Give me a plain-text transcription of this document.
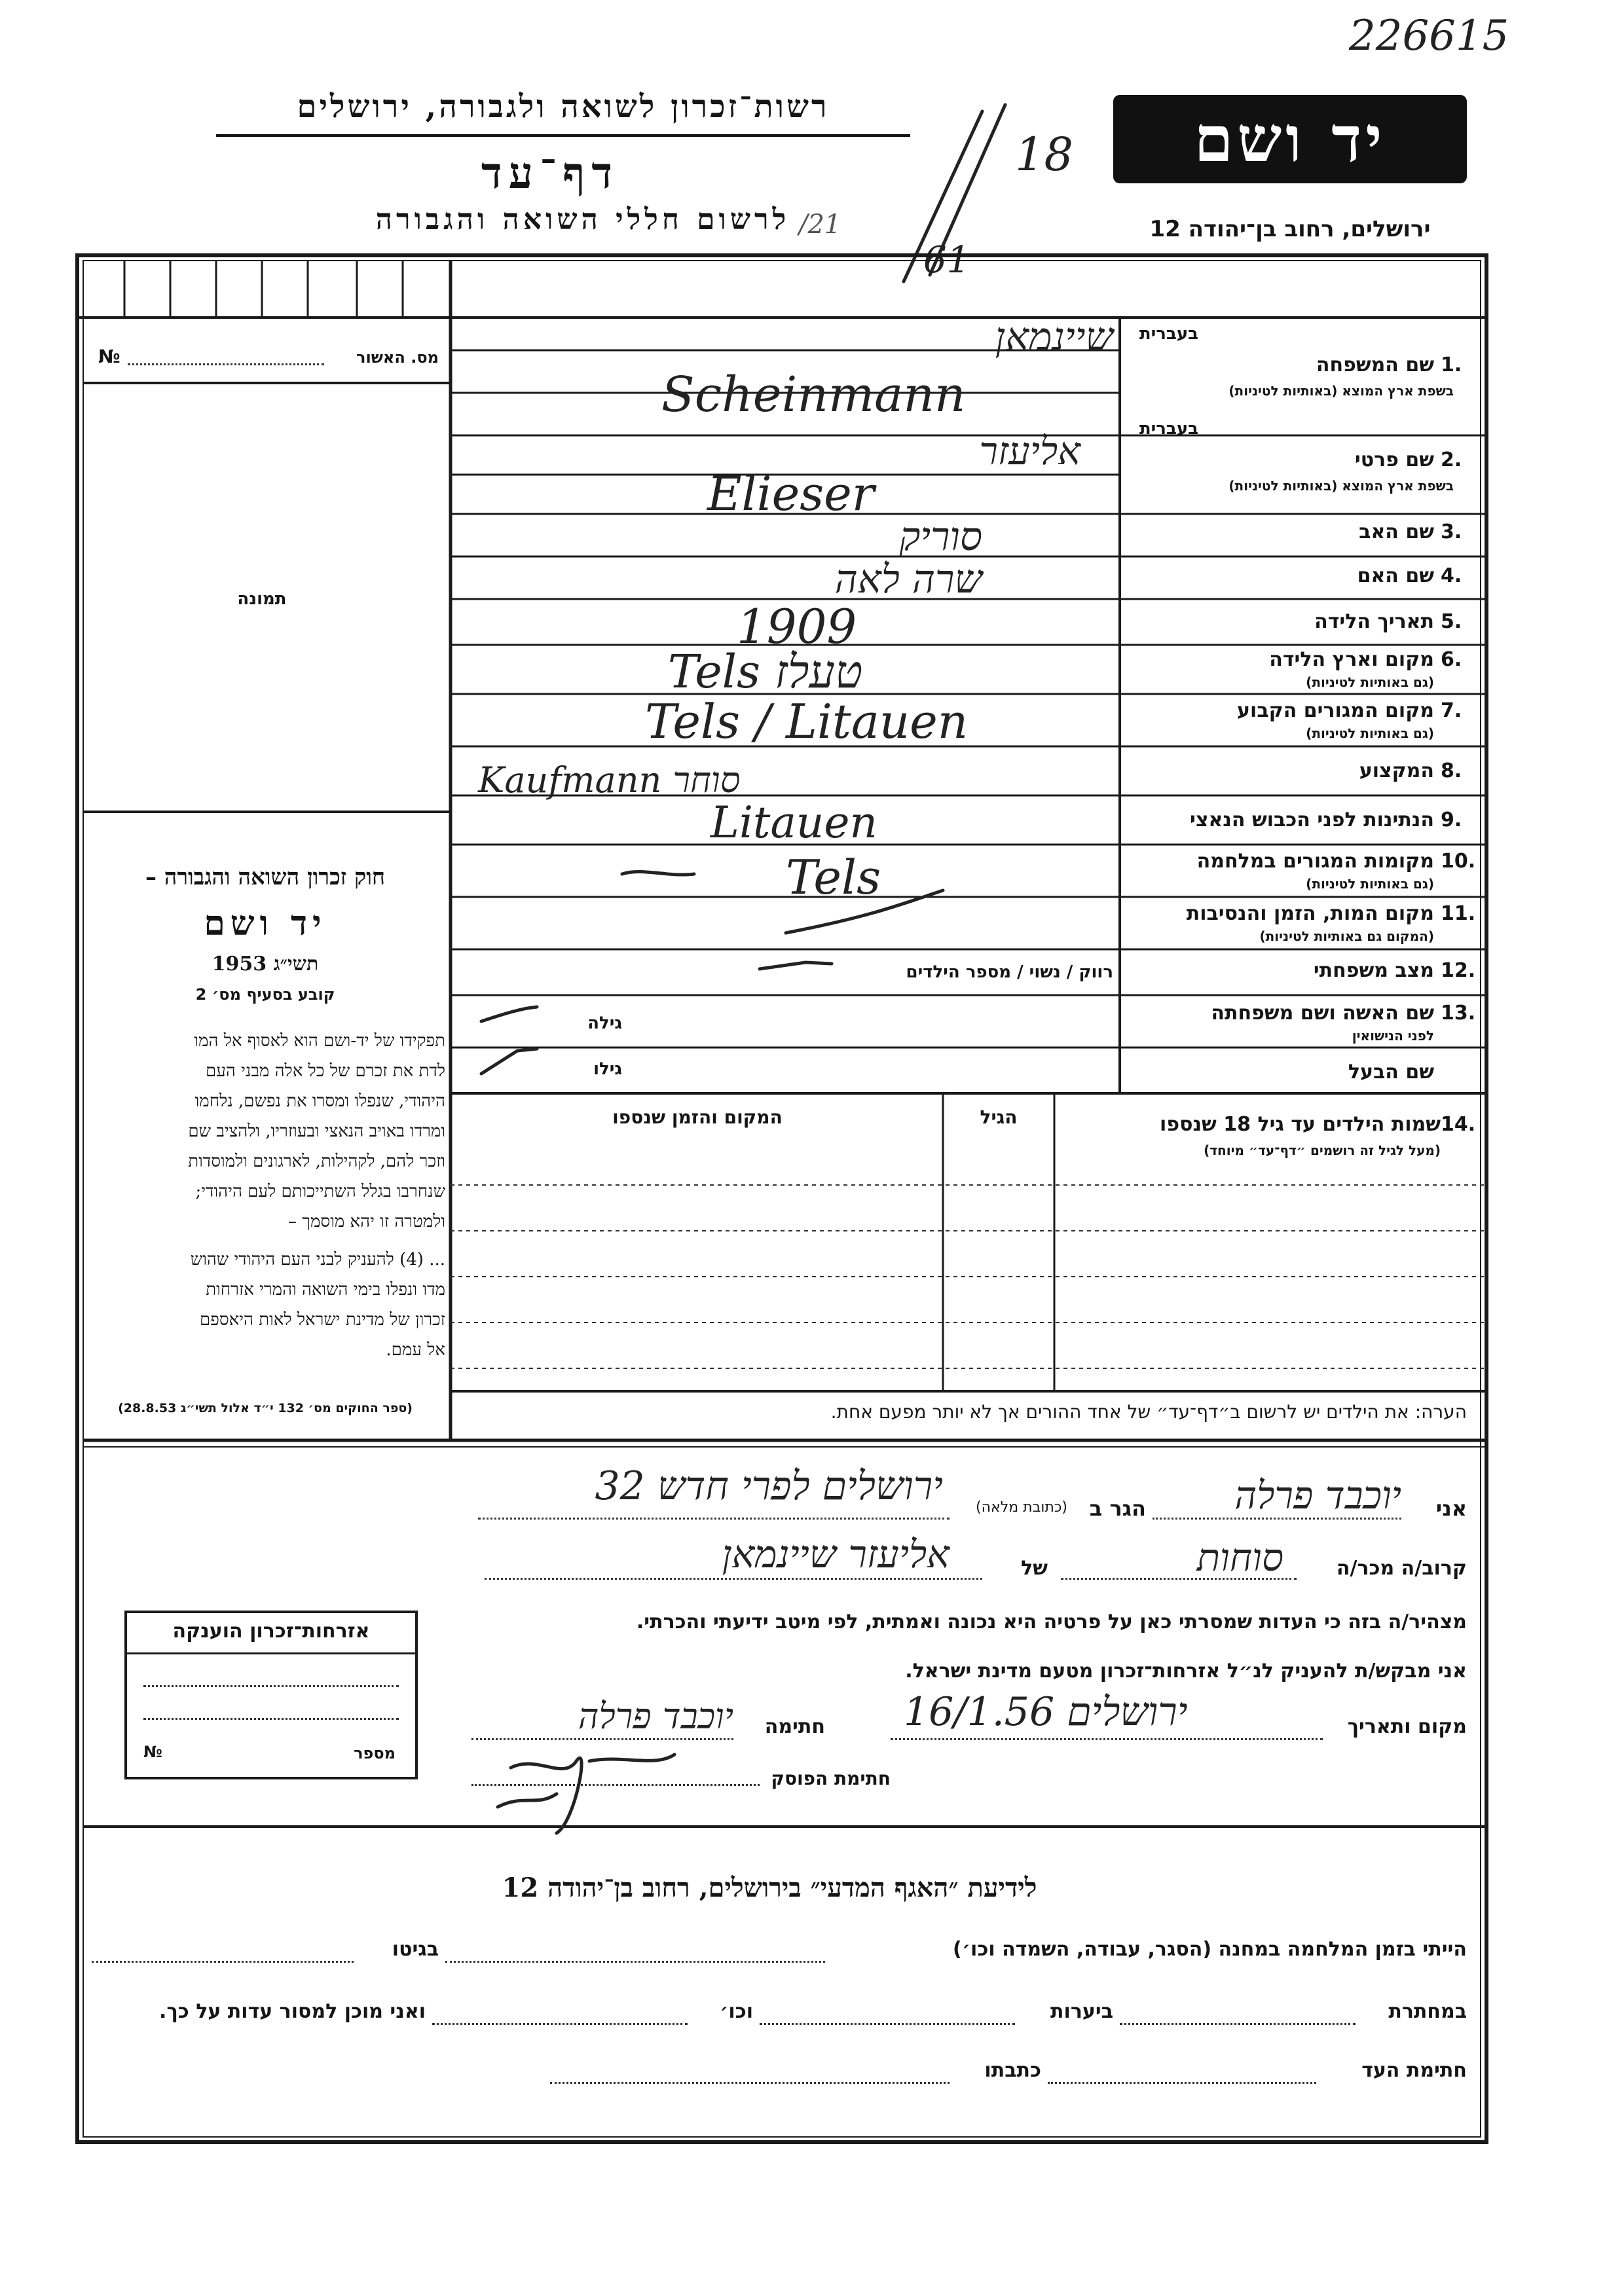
226615
רשות־זכרון לשואה ולגבורה, ירושלים
דף־עד
לרשום חללי השואה והגבורה
יד ושם
ירושלים, רחוב בן־יהודה 12
18
61
/21
מס. האשור
№
תמונה
חוק זכרון השואה והגבורה –
יד ושם
תשי״ג 1953
קובע בסעיף מס׳ 2
תפקידו של יד-ושם הוא לאסוף אל המו
לדת את זכרם של כל אלה מבני העם
היהודי, שנפלו ומסרו את נפשם, נלחמו
ומרדו באויב הנאצי ובעוזריו, ולהציב שם
וזכר להם, לקהילות, לארגונים ולמוסדות
שנחרבו בגלל השתייכותם לעם היהודי;
ולמטרה זו יהא מוסמך –
... (4) להעניק לבני העם היהודי שהוש
מדו ונפלו בימי השואה והמרי אזרחות
זכרון של מדינת ישראל לאות היאספם
אל עמם.
(ספר החוקים מס׳ 132 י״ד אלול תשי״ג 28.8.53)
בעברית
שם המשפחה 1.
בשפת ארץ המוצא (באותיות לטיניות)
בעברית
שם פרטי 2.
בשפת ארץ המוצא (באותיות לטיניות)
שם האב 3.
שם האם 4.
תאריך הלידה 5.
מקום וארץ הלידה 6.
(גם באותיות לטיניות)
מקום המגורים הקבוע 7.
(גם באותיות לטיניות)
המקצוע 8.
הנתינות לפני הכבוש הנאצי 9.
מקומות המגורים במלחמה 10.
(גם באותיות לטיניות)
מקום המות, הזמן והנסיבות 11.
(המקום גם באותיות לטיניות)
מצב משפחתי 12.
רווק / נשוי / מספר הילדים
שם האשה ושם משפחתה 13.
לפני הנישואין
גילה
שם הבעל
גילו
שיינמאן
Scheinmann
אליעזר
Elieser
סוריק
שרה לאה
1909
Tels טעלז
Tels / Litauen
Kaufmann סוחר
Litauen
Tels
שמות הילדים עד גיל 18 שנספו 14.
(מעל לגיל זה רושמים ״דף־עד״ מיוחד)
הגיל
המקום והזמן שנספו
הערה: את הילדים יש לרשום ב״דף־עד״ של אחד ההורים אך לא יותר מפעם אחת.
אני
יוכבד פרלה
הגר ב
(כתובת מלאה)
ירושלים לפרי חדש 32
קרוב/ה מכר/ה
סוחות
של
אליעזר שיינמאן
מצהיר/ה בזה כי העדות שמסרתי כאן על פרטיה היא נכונה ואמתית, לפי מיטב ידיעתי והכרתי.
אני מבקש/ת להעניק לנ״ל אזרחות־זכרון מטעם מדינת ישראל.
מקום ותאריך
ירושלים 16/1.56
חתימה
יוכבד פרלה
חתימת הפוסק
אזרחות־זכרון הוענקה
מספר
№
לידיעת ״האגף המדעי״ בירושלים, רחוב בן־יהודה 12
הייתי בזמן המלחמה במחנה (הסגר, עבודה, השמדה וכו׳)
בגיטו
במחתרת
ביערות
וכו׳
ואני מוכן למסור עדות על כך.
חתימת העד
כתבתו
